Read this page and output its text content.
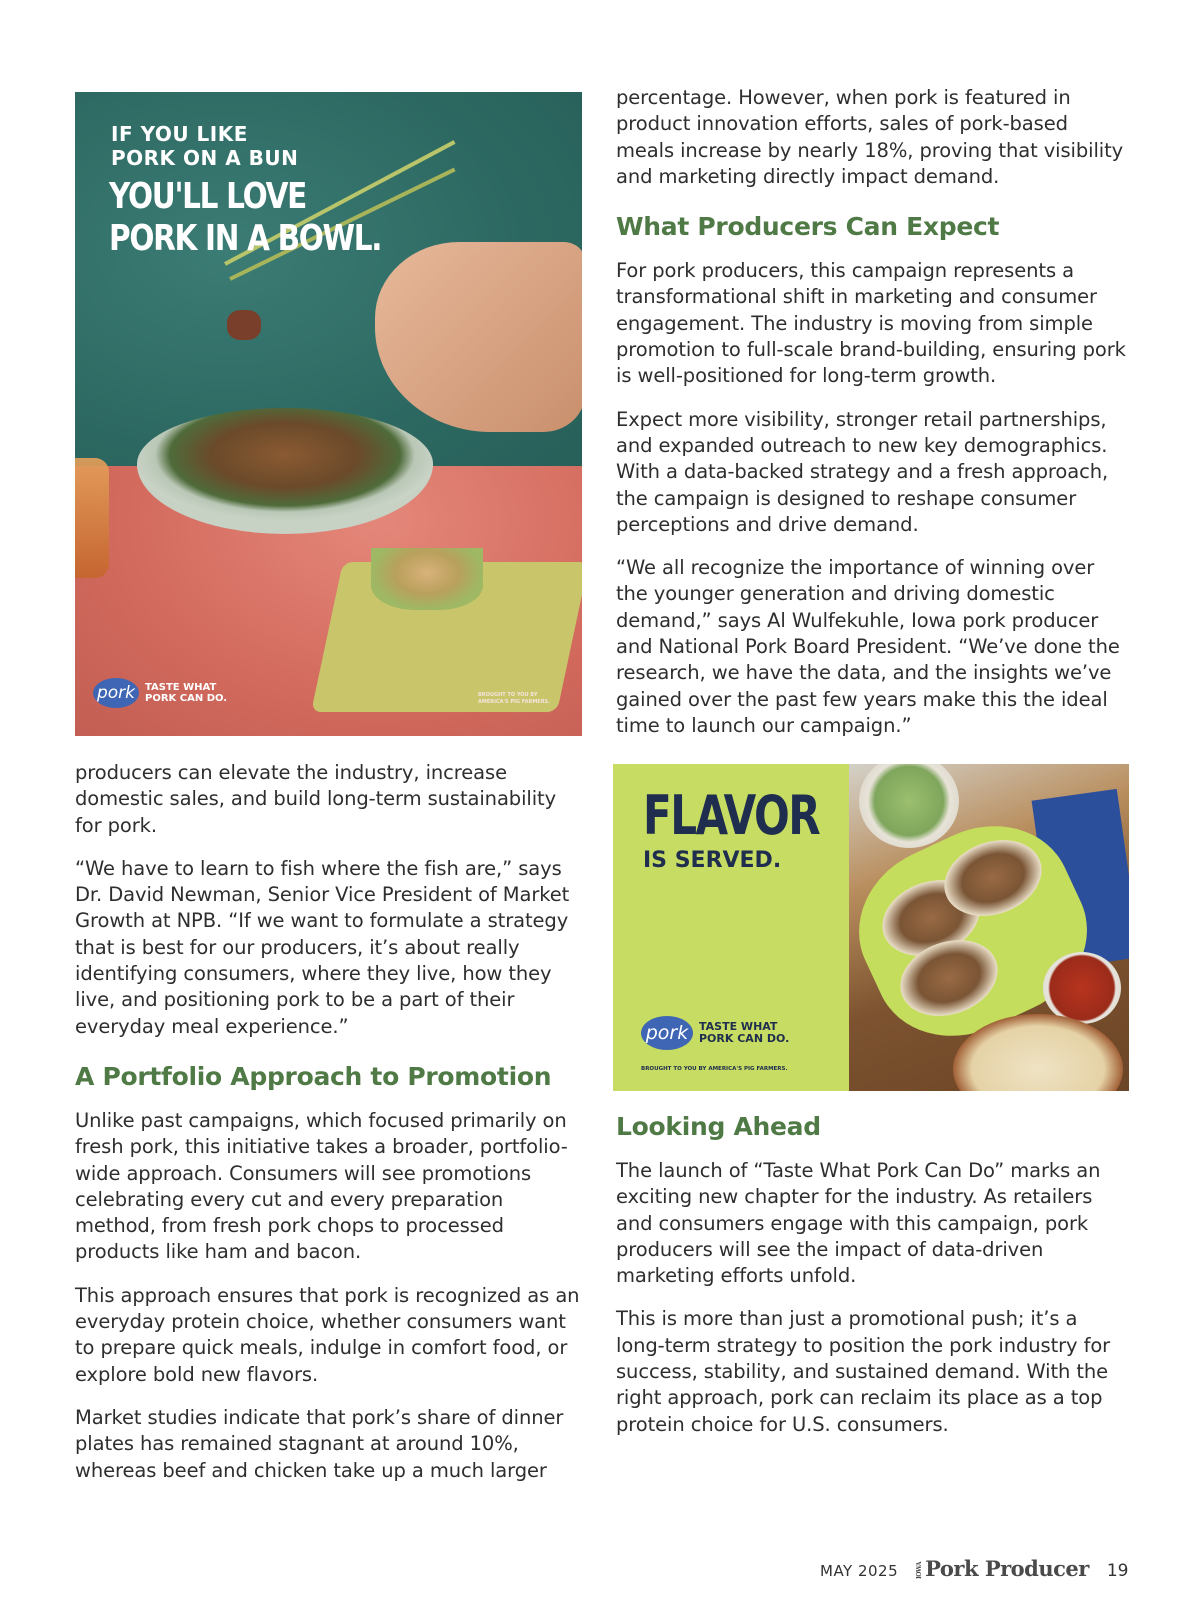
IF YOU LIKE
PORK ON A BUN
YOU'LL LOVE
PORK IN A BOWL.
pork TASTE WHAT
PORK CAN DO.	BROUGHT TO YOU BY AMERICA'S PIG FARMERS.

producers can elevate the industry, increase domestic sales, and build long-term sustainability for pork.

“We have to learn to fish where the fish are,” says Dr. David Newman, Senior Vice President of Market Growth at NPB. “If we want to formulate a strategy that is best for our producers, it’s about really identifying consumers, where they live, how they live, and positioning pork to be a part of their everyday meal experience.”

A Portfolio Approach to Promotion

Unlike past campaigns, which focused primarily on fresh pork, this initiative takes a broader, portfolio-wide approach. Consumers will see promotions celebrating every cut and every preparation method, from fresh pork chops to processed products like ham and bacon.

This approach ensures that pork is recognized as an everyday protein choice, whether consumers want to prepare quick meals, indulge in comfort food, or explore bold new flavors.

Market studies indicate that pork’s share of dinner plates has remained stagnant at around 10%, whereas beef and chicken take up a much larger

percentage. However, when pork is featured in product innovation efforts, sales of pork-based meals increase by nearly 18%, proving that visibility and marketing directly impact demand.

What Producers Can Expect

For pork producers, this campaign represents a transformational shift in marketing and consumer engagement. The industry is moving from simple promotion to full-scale brand-building, ensuring pork is well-positioned for long-term growth.

Expect more visibility, stronger retail partnerships, and expanded outreach to new key demographics. With a data-backed strategy and a fresh approach, the campaign is designed to reshape consumer perceptions and drive demand.

“We all recognize the importance of winning over the younger generation and driving domestic demand,” says Al Wulfekuhle, Iowa pork producer and National Pork Board President. “We’ve done the research, we have the data, and the insights we’ve gained over the past few years make this the ideal time to launch our campaign.”

FLAVOR
IS SERVED.
pork TASTE WHAT
PORK CAN DO.
BROUGHT TO YOU BY AMERICA'S PIG FARMERS.
Looking Ahead

The launch of “Taste What Pork Can Do” marks an exciting new chapter for the industry. As retailers and consumers engage with this campaign, pork producers will see the impact of data-driven marketing efforts unfold.

This is more than just a promotional push; it’s a long-term strategy to position the pork industry for success, stability, and sustained demand. With the right approach, pork can reclaim its place as a top protein choice for U.S. consumers.

MAY 2025	IOWAPork Producer 19
